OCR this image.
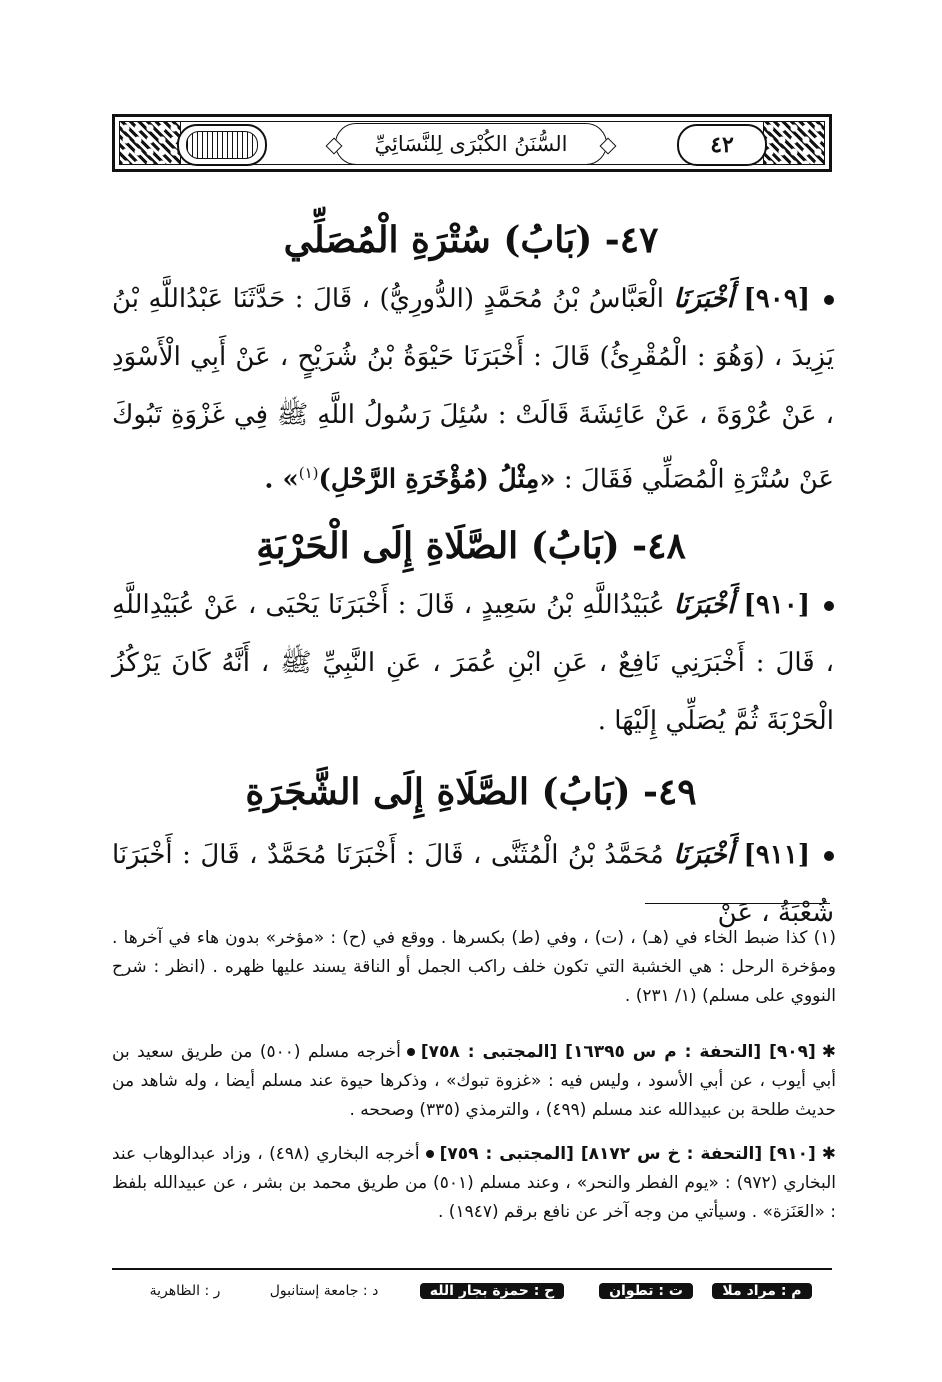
٤٢
السُّنَنُ الكُبْرَى لِلنَّسَائِيِّ
٤٧- (بَابُ) سُتْرَةِ الْمُصَلِّي
[٩٠٩] أَخْبَرَنَا الْعَبَّاسُ بْنُ مُحَمَّدٍ (الدُّورِيُّ) ، قَالَ : حَدَّثَنَا عَبْدُاللَّهِ بْنُ يَزِيدَ ، (وَهُوَ : الْمُقْرِئُ) قَالَ : أَخْبَرَنَا حَيْوَةُ بْنُ شُرَيْحٍ ، عَنْ أَبِي الْأَسْوَدِ ، عَنْ عُرْوَةَ ، عَنْ عَائِشَةَ قَالَتْ : سُئِلَ رَسُولُ اللَّهِ ﷺ فِي غَزْوَةِ تَبُوكَ عَنْ سُتْرَةِ الْمُصَلِّي فَقَالَ : «مِثْلُ (مُؤْخَرَةِ الرَّحْلِ)$^{(١)}$» .
٤٨- (بَابُ) الصَّلَاةِ إِلَى الْحَرْبَةِ
[٩١٠] أَخْبَرَنَا عُبَيْدُاللَّهِ بْنُ سَعِيدٍ ، قَالَ : أَخْبَرَنَا يَحْيَى ، عَنْ عُبَيْدِاللَّهِ ، قَالَ : أَخْبَرَنِي نَافِعٌ ، عَنِ ابْنِ عُمَرَ ، عَنِ النَّبِيِّ ﷺ ، أَنَّهُ كَانَ يَرْكُزُ الْحَرْبَةَ ثُمَّ يُصَلِّي إِلَيْهَا .
٤٩- (بَابُ) الصَّلَاةِ إِلَى الشَّجَرَةِ
[٩١١] أَخْبَرَنَا مُحَمَّدُ بْنُ الْمُثَنَّى ، قَالَ : أَخْبَرَنَا مُحَمَّدٌ ، قَالَ : أَخْبَرَنَا شُعْبَةُ ، عَنْ
(١) كذا ضبط الخاء في (هـ) ، (ت) ، وفي (ط) بكسرها . ووقع في (ح) : «مؤخر» بدون هاء في آخرها . ومؤخرة الرحل : هي الخشبة التي تكون خلف راكب الجمل أو الناقة يسند عليها ظهره . (انظر : شرح النووي على مسلم) (١/ ٢٣١) .
✱[٩٠٩] [التحفة : م س ١٦٣٩٥] [المجتبى : ٧٥٨]أخرجه مسلم (٥٠٠) من طريق سعيد بن أبي أيوب ، عن أبي الأسود ، وليس فيه : «غزوة تبوك» ، وذكرها حيوة عند مسلم أيضا ، وله شاهد من حديث طلحة بن عبيدالله عند مسلم (٤٩٩) ، والترمذي (٣٣٥) وصححه .
✱[٩١٠] [التحفة : خ س ٨١٧٢] [المجتبى : ٧٥٩]أخرجه البخاري (٤٩٨) ، وزاد عبدالوهاب عند البخاري (٩٧٢) : «يوم الفطر والنحر» ، وعند مسلم (٥٠١) من طريق محمد بن بشر ، عن عبيدالله بلفظ : «العَنَزة» . وسيأتي من وجه آخر عن نافع برقم (١٩٤٧) .
م : مراد ملا
ت : تطوان
ح : حمزة بجار الله
د : جامعة إستانبول
ر : الظاهرية
